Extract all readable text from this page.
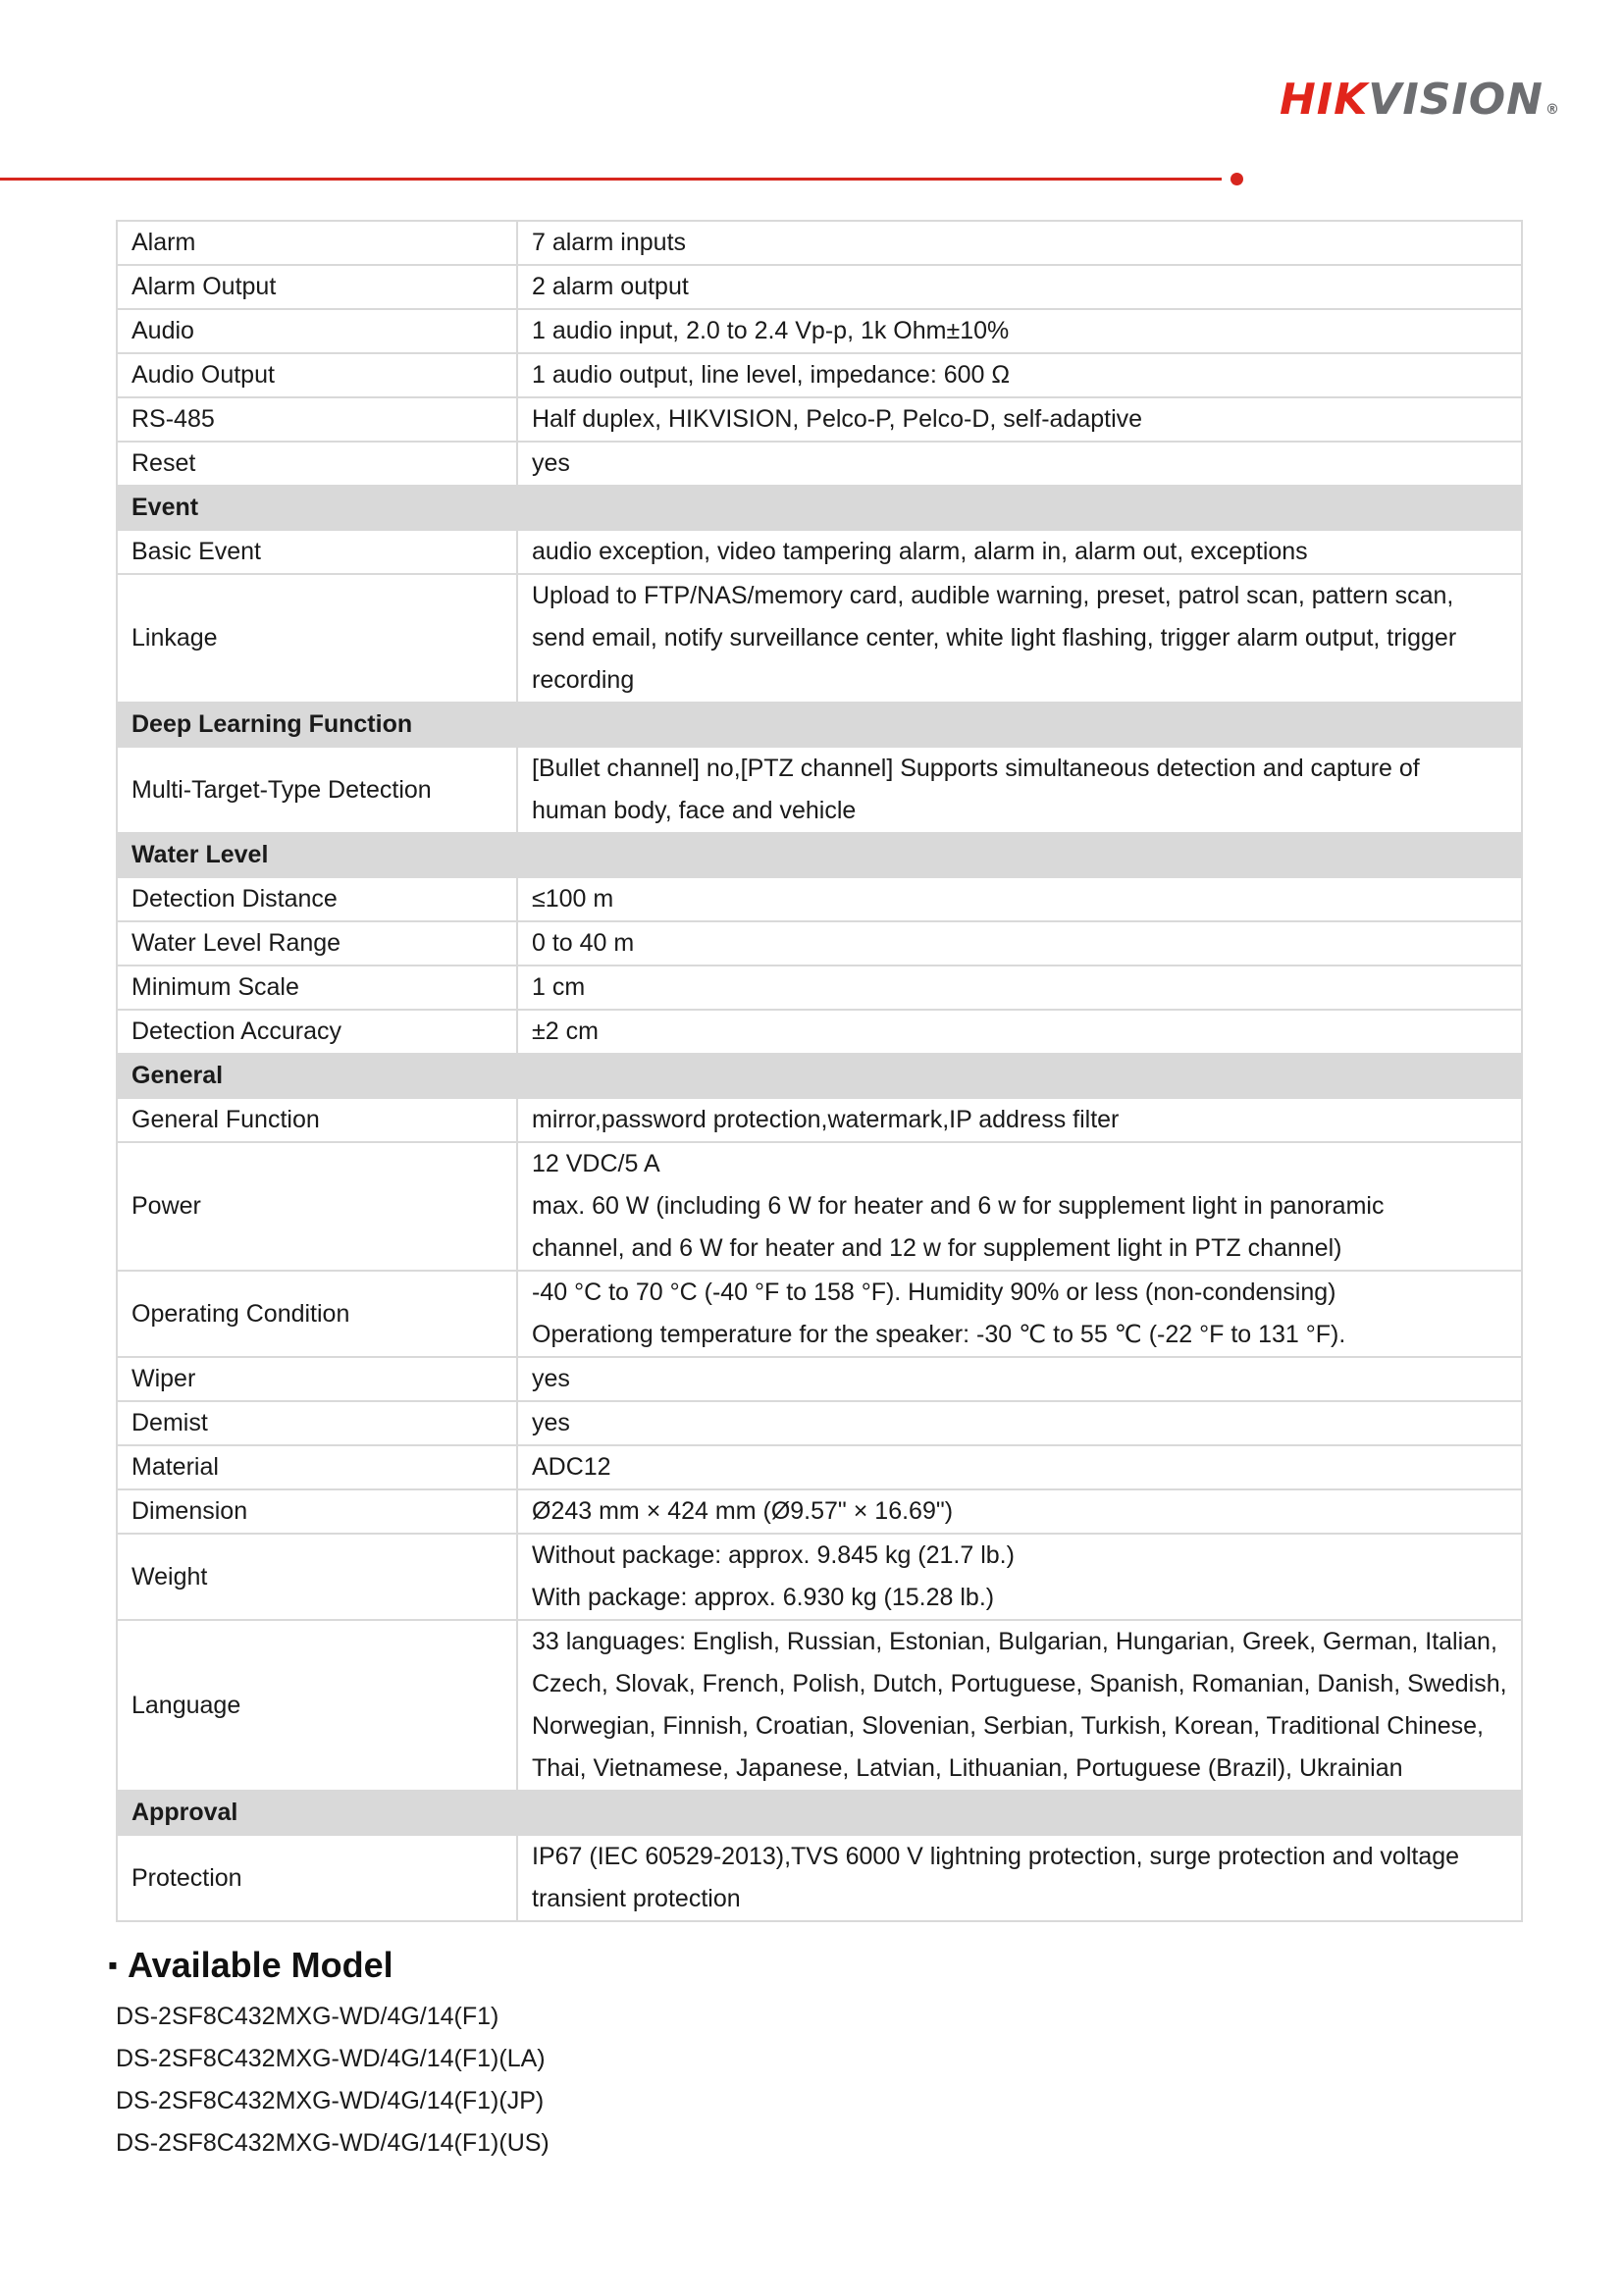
HIK VISION ®
Alarm	7 alarm inputs

Alarm Output	2 alarm output

Audio	1 audio input, 2.0 to 2.4 Vp-p, 1k Ohm±10%

Audio Output	1 audio output, line level, impedance: 600 Ω

RS-485	Half duplex, HIKVISION, Pelco-P, Pelco-D, self-adaptive

Reset	yes

Event	
Basic Event	audio exception, video tampering alarm, alarm in, alarm out, exceptions

Linkage	Upload to FTP/NAS/memory card, audible warning, preset, patrol scan, pattern scan,
send email, notify surveillance center, white light flashing, trigger alarm output, trigger
recording

Deep Learning Function	
Multi-Target-Type Detection	[Bullet channel] no,[PTZ channel] Supports simultaneous detection and capture of
human body, face and vehicle

Water Level	
Detection Distance	≤100 m

Water Level Range	0 to 40 m

Minimum Scale	1 cm

Detection Accuracy	±2 cm

General	
General Function	mirror,password protection,watermark,IP address filter

Power	12 VDC/5 A
max. 60 W (including 6 W for heater and 6 w for supplement light in panoramic
channel, and 6 W for heater and 12 w for supplement light in PTZ channel)

Operating Condition	-40 °C to 70 °C (-40 °F to 158 °F). Humidity 90% or less (non-condensing)
Operationg temperature for the speaker: -30 ℃ to 55 ℃ (-22 °F to 131 °F).

Wiper	yes

Demist	yes

Material	ADC12

Dimension	Ø243 mm × 424 mm (Ø9.57" × 16.69")

Weight	Without package: approx. 9.845 kg (21.7 lb.)
With package: approx. 6.930 kg (15.28 lb.)

Language	33 languages: English, Russian, Estonian, Bulgarian, Hungarian, Greek, German, Italian,
Czech, Slovak, French, Polish, Dutch, Portuguese, Spanish, Romanian, Danish, Swedish,
Norwegian, Finnish, Croatian, Slovenian, Serbian, Turkish, Korean, Traditional Chinese,
Thai, Vietnamese, Japanese, Latvian, Lithuanian, Portuguese (Brazil), Ukrainian

Approval	
Protection	IP67 (IEC 60529-2013),TVS 6000 V lightning protection, surge protection and voltage
transient protection
▪ Available Model
DS-2SF8C432MXG-WD/4G/14(F1)
DS-2SF8C432MXG-WD/4G/14(F1)(LA)
DS-2SF8C432MXG-WD/4G/14(F1)(JP)
DS-2SF8C432MXG-WD/4G/14(F1)(US)
